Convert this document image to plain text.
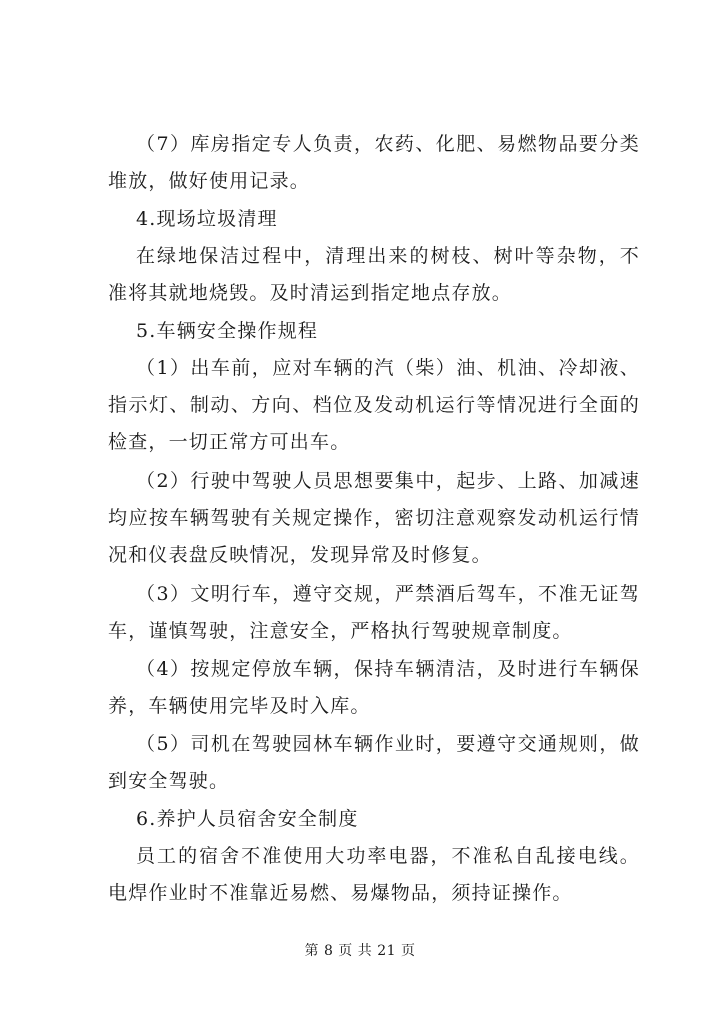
（7）库房指定专人负责，农药、化肥、易燃物品要分类堆放，做好使用记录。

4.现场垃圾清理

在绿地保洁过程中，清理出来的树枝、树叶等杂物，不准将其就地烧毁。及时清运到指定地点存放。

5.车辆安全操作规程

（1）出车前，应对车辆的汽（柴）油、机油、冷却液、指示灯、制动、方向、档位及发动机运行等情况进行全面的检查，一切正常方可出车。

（2）行驶中驾驶人员思想要集中，起步、上路、加减速均应按车辆驾驶有关规定操作，密切注意观察发动机运行情况和仪表盘反映情况，发现异常及时修复。

（3）文明行车，遵守交规，严禁酒后驾车，不准无证驾车，谨慎驾驶，注意安全，严格执行驾驶规章制度。

（4）按规定停放车辆，保持车辆清洁，及时进行车辆保养，车辆使用完毕及时入库。

（5）司机在驾驶园林车辆作业时，要遵守交通规则，做到安全驾驶。

6.养护人员宿舍安全制度

员工的宿舍不准使用大功率电器，不准私自乱接电线。电焊作业时不准靠近易燃、易爆物品，须持证操作。

第 8 页 共 21 页
